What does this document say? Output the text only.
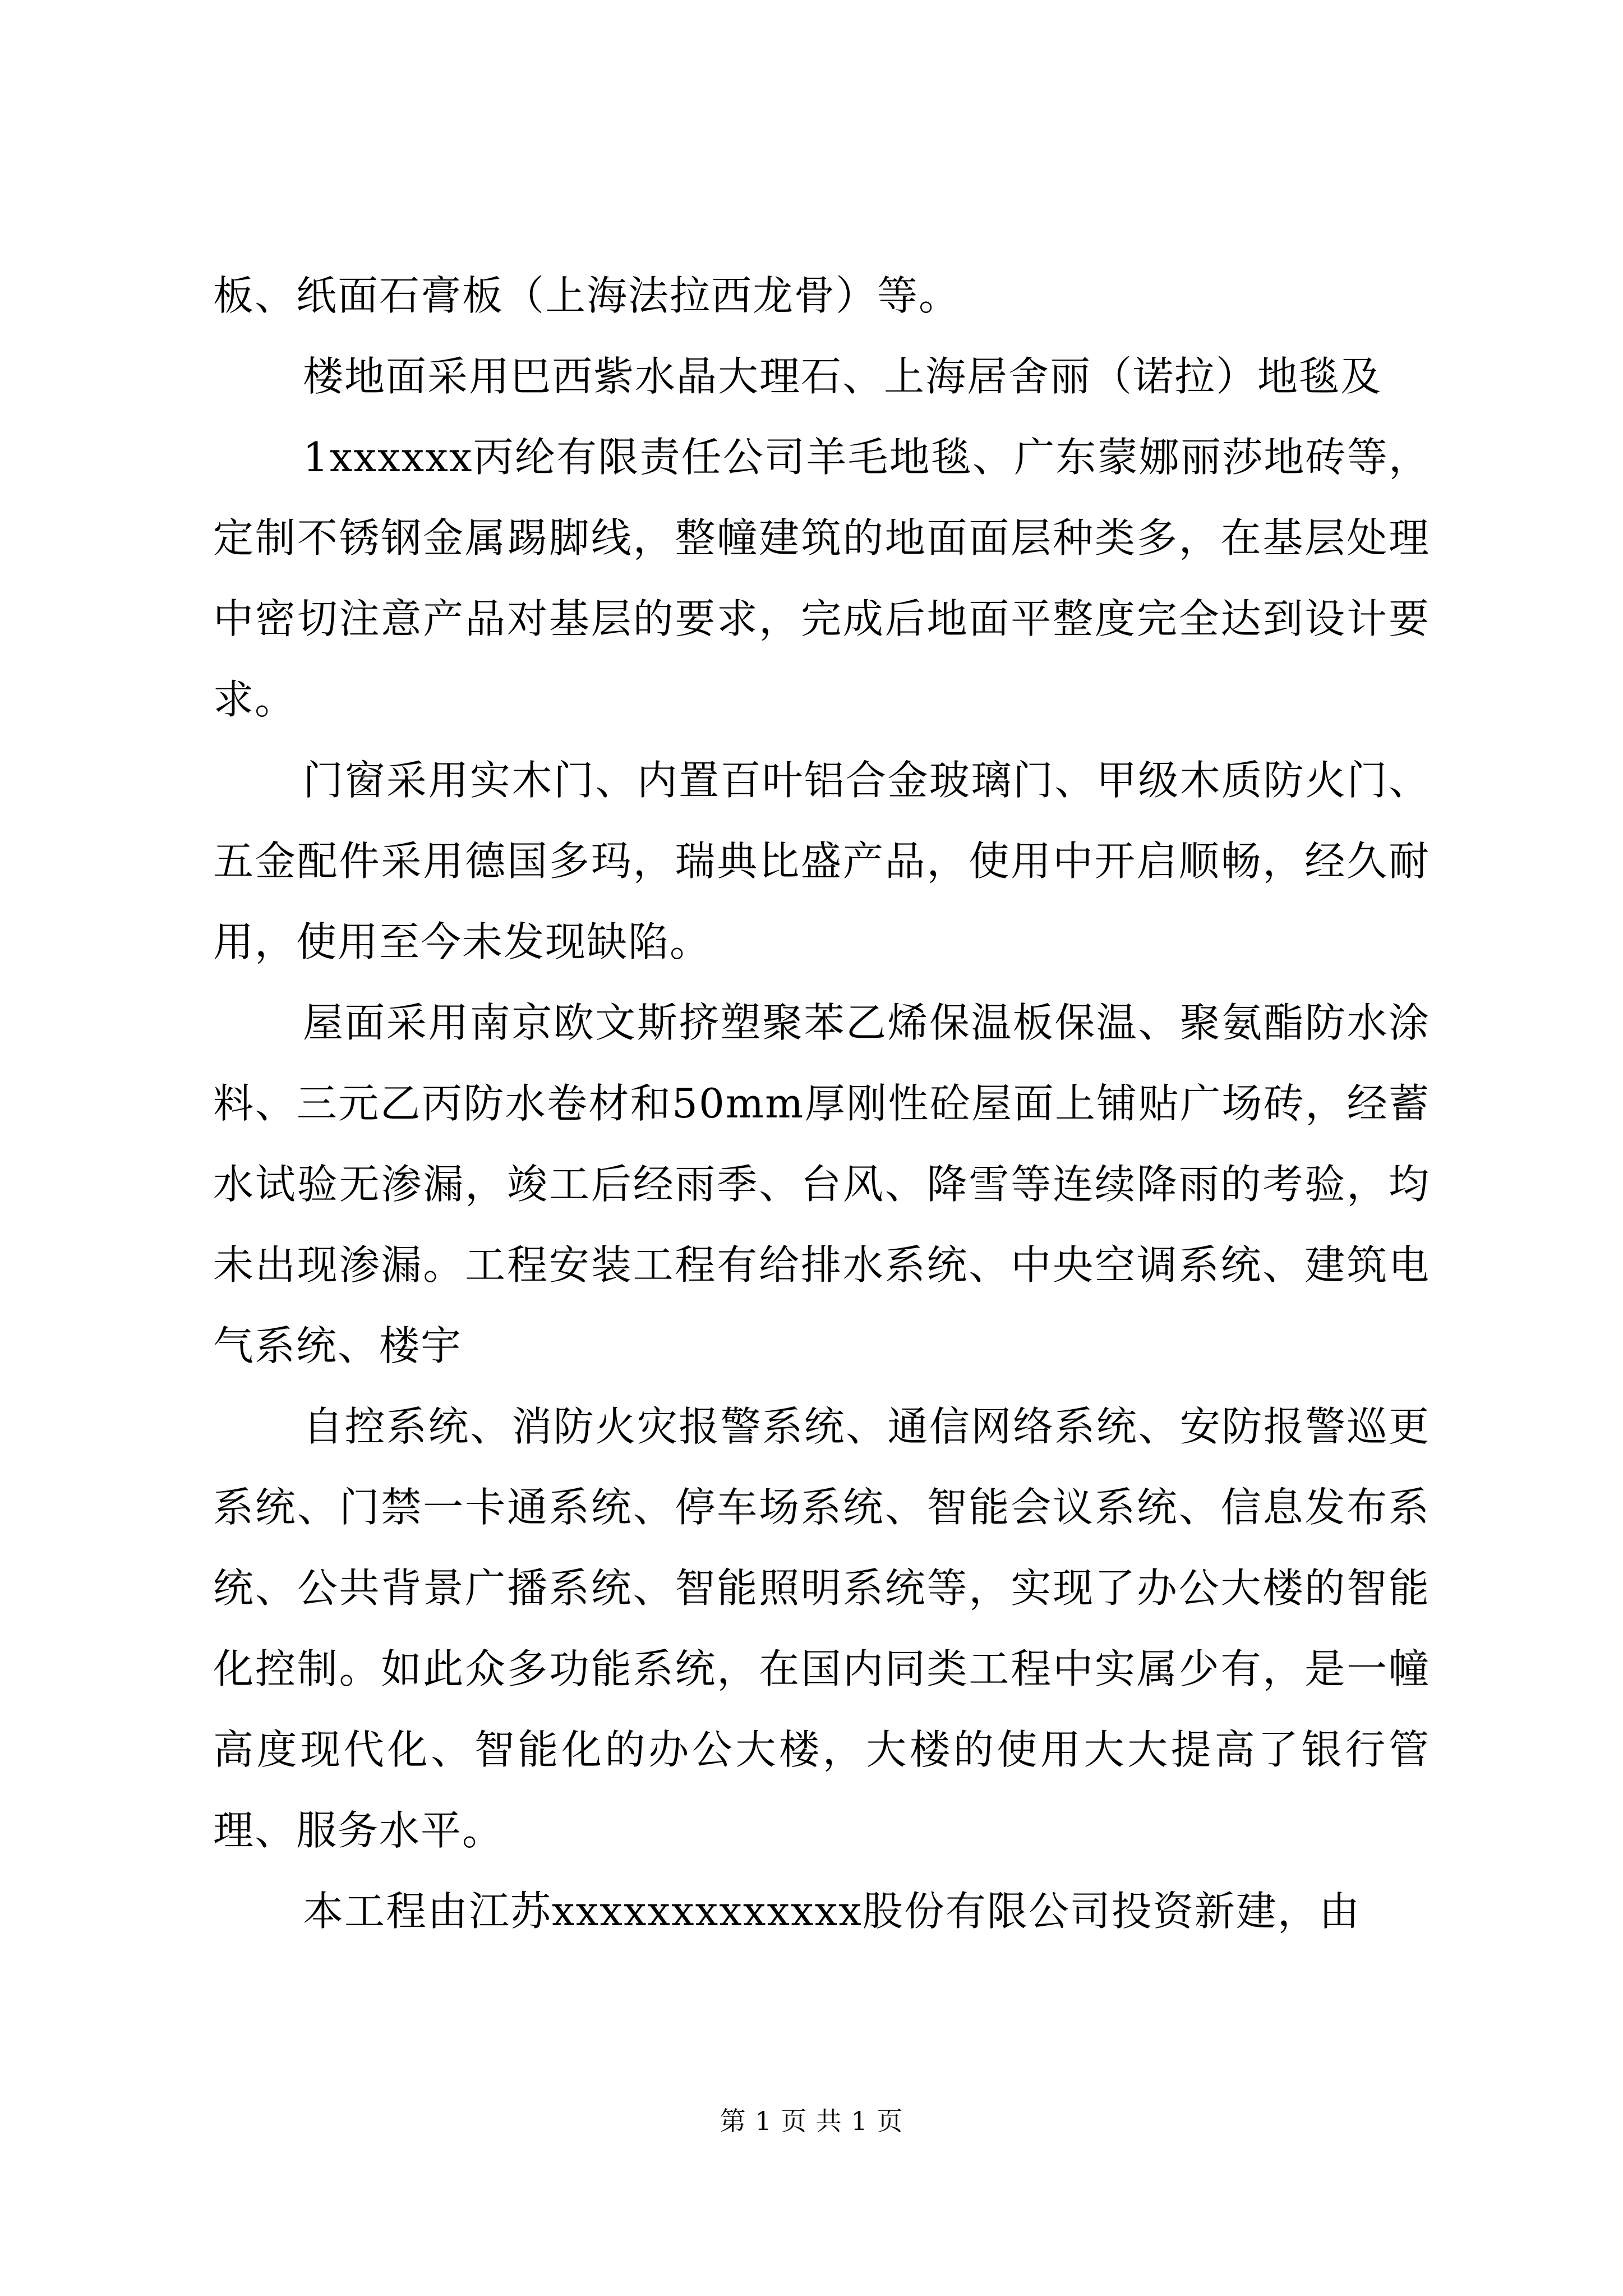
板、纸面石膏板（上海法拉西龙骨）等。

楼地面采用巴西紫水晶大理石、上海居舍丽（诺拉）地毯及

1xxxxxx丙纶有限责任公司羊毛地毯、广东蒙娜丽莎地砖等，定制不锈钢金属踢脚线，整幢建筑的地面面层种类多，在基层处理中密切注意产品对基层的要求，完成后地面平整度完全达到设计要求。

门窗采用实木门、内置百叶铝合金玻璃门、甲级木质防火门、五金配件采用德国多玛，瑞典比盛产品，使用中开启顺畅，经久耐用，使用至今未发现缺陷。

屋面采用南京欧文斯挤塑聚苯乙烯保温板保温、聚氨酯防水涂料、三元乙丙防水卷材和50mm厚刚性砼屋面上铺贴广场砖，经蓄水试验无渗漏，竣工后经雨季、台风、降雪等连续降雨的考验，均未出现渗漏。工程安装工程有给排水系统、中央空调系统、建筑电气系统、楼宇

自控系统、消防火灾报警系统、通信网络系统、安防报警巡更系统、门禁一卡通系统、停车场系统、智能会议系统、信息发布系统、公共背景广播系统、智能照明系统等，实现了办公大楼的智能化控制。如此众多功能系统，在国内同类工程中实属少有，是一幢高度现代化、智能化的办公大楼，大楼的使用大大提高了银行管理、服务水平。

本工程由江苏xxxxxxxxxxxxx股份有限公司投资新建，由

第 1 页 共 1 页
